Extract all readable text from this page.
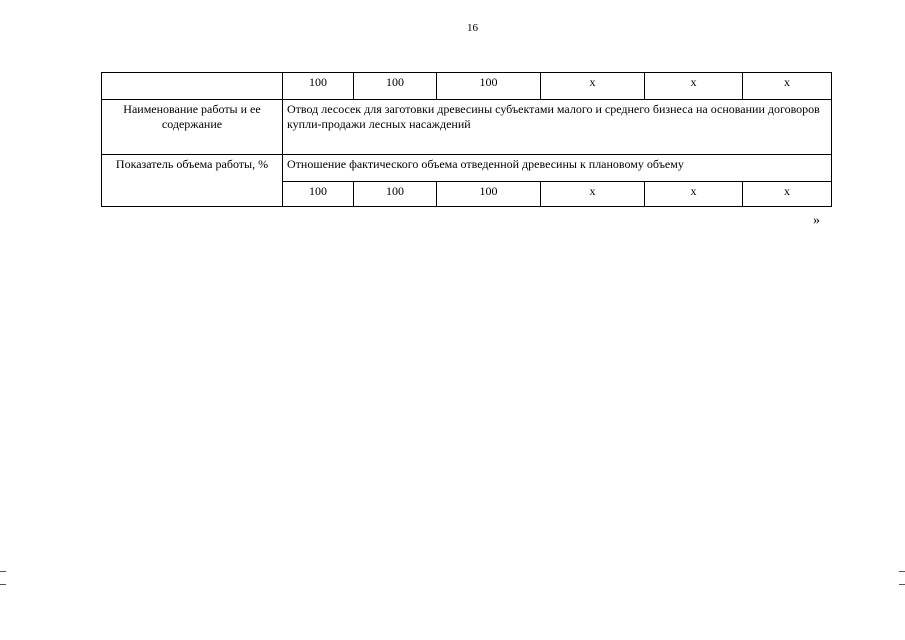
16
	100	100	100	x	x	x
Наименование работы и ее содержание	Отвод лесосек для заготовки древесины субъектами малого и среднего бизнеса на основании договоров купли-продажи лесных насаждений					
Показатель объема работы, %	Отношение фактического объема отведенной древесины к плановому объему					
	100	100	100	x	x	x
»
